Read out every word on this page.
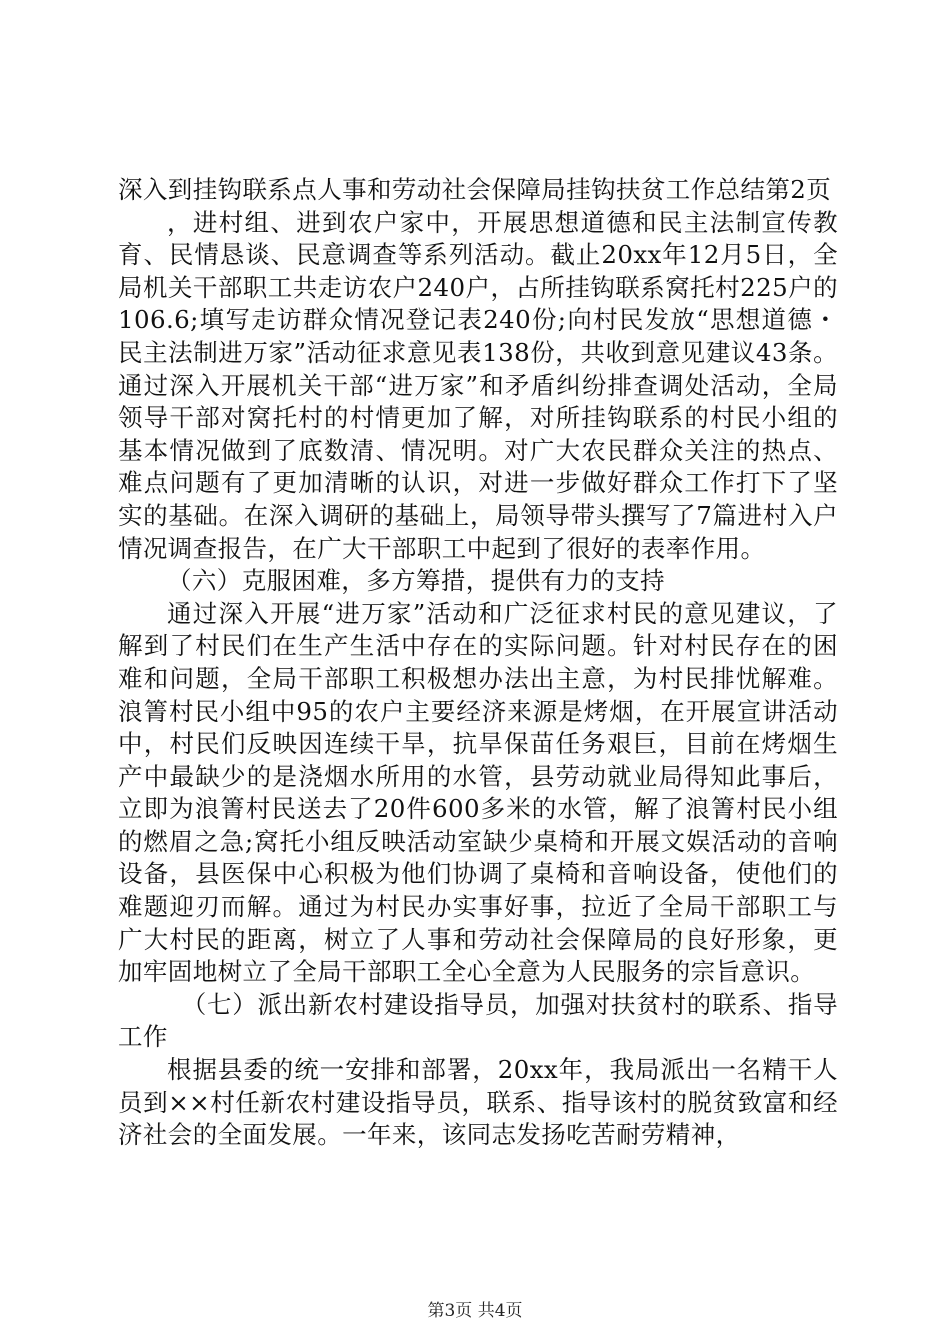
深入到挂钩联系点人事和劳动社会保障局挂钩扶贫工作总结第2页

，进村组、进到农户家中，开展思想道德和民主法制宣传教育、民情恳谈、民意调查等系列活动。截止20xx年12月5日，全局机关干部职工共走访农户240户，占所挂钩联系窝托村225户的106.6;填写走访群众情况登记表240份;向村民发放“思想道德・民主法制进万家”活动征求意见表138份，共收到意见建议43条。通过深入开展机关干部“进万家”和矛盾纠纷排查调处活动，全局领导干部对窝托村的村情更加了解，对所挂钩联系的村民小组的基本情况做到了底数清、情况明。对广大农民群众关注的热点、难点问题有了更加清晰的认识，对进一步做好群众工作打下了坚实的基础。在深入调研的基础上，局领导带头撰写了7篇进村入户情况调查报告，在广大干部职工中起到了很好的表率作用。

（六）克服困难，多方筹措，提供有力的支持

通过深入开展“进万家”活动和广泛征求村民的意见建议，了解到了村民们在生产生活中存在的实际问题。针对村民存在的困难和问题，全局干部职工积极想办法出主意，为村民排忧解难。浪箐村民小组中95的农户主要经济来源是烤烟，在开展宣讲活动中，村民们反映因连续干旱，抗旱保苗任务艰巨，目前在烤烟生产中最缺少的是浇烟水所用的水管，县劳动就业局得知此事后，立即为浪箐村民送去了20件600多米的水管，解了浪箐村民小组的燃眉之急;窝托小组反映活动室缺少桌椅和开展文娱活动的音响设备，县医保中心积极为他们协调了桌椅和音响设备，使他们的难题迎刃而解。通过为村民办实事好事，拉近了全局干部职工与广大村民的距离，树立了人事和劳动社会保障局的良好形象，更加牢固地树立了全局干部职工全心全意为人民服务的宗旨意识。

（七）派出新农村建设指导员，加强对扶贫村的联系、指导工作

根据县委的统一安排和部署，20xx年，我局派出一名精干人员到××村任新农村建设指导员，联系、指导该村的脱贫致富和经济社会的全面发展。一年来，该同志发扬吃苦耐劳精神，

第3页 共4页
